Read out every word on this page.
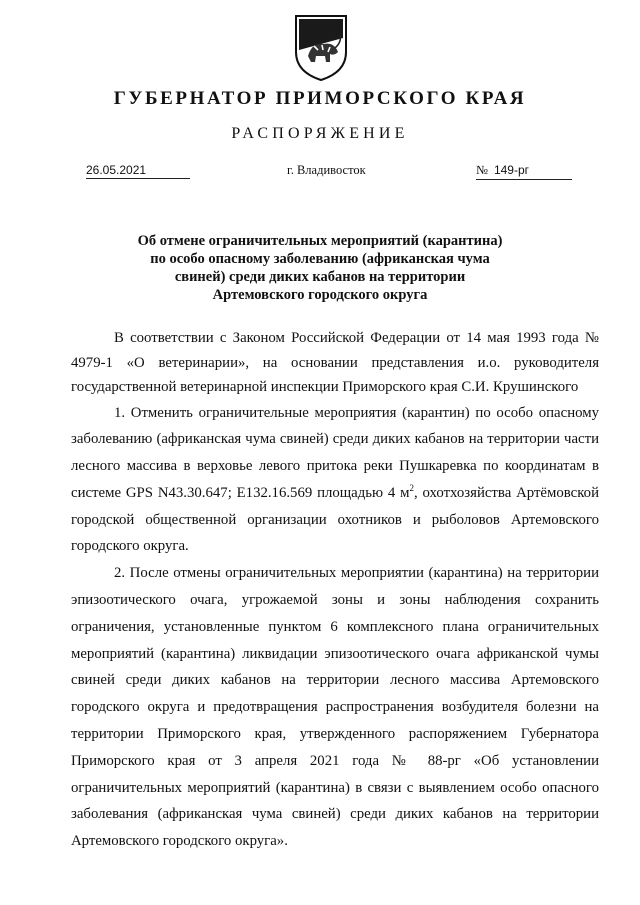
ГУБЕРНАТОР ПРИМОРСКОГО КРАЯ
РАСПОРЯЖЕНИЕ
26.05.2021	г. Владивосток	№ 149-рг
Об отмене ограничительных мероприятий (карантина)
по особо опасному заболеванию (африканская чума
свиней) среди диких кабанов на территории
Артемовского городского округа

В соответствии с Законом Российской Федерации от 14 мая 1993 года № 4979-1 «О ветеринарии», на основании представления и.о. руководителя государственной ветеринарной инспекции Приморского края С.И. Крушинского

1. Отменить ограничительные мероприятия (карантин) по особо опасному заболеванию (африканская чума свиней) среди диких кабанов на территории части лесного массива в верховье левого притока реки Пушкаревка по координатам в системе GPS N43.30.647; E132.16.569 площадью 4 $м^2$, охотхозяйства Артёмовской городской общественной организации охотников и рыболовов Артемовского городского округа.

2. После отмены ограничительных мероприятии (карантина) на территории эпизоотического очага, угрожаемой зоны и зоны наблюдения сохранить ограничения, установленные пунктом 6 комплексного плана ограничительных мероприятий (карантина) ликвидации эпизоотического очага африканской чумы свиней среди диких кабанов на территории лесного массива Артемовского городского округа и предотвращения распространения возбудителя болезни на территории Приморского края, утвержденного распоряжением Губернатора Приморского края от 3 апреля 2021 года № 88-рг «Об установлении ограничительных мероприятий (карантина) в связи с выявлением особо опасного заболевания (африканская чума свиней) среди диких кабанов на территории Артемовского городского округа».
